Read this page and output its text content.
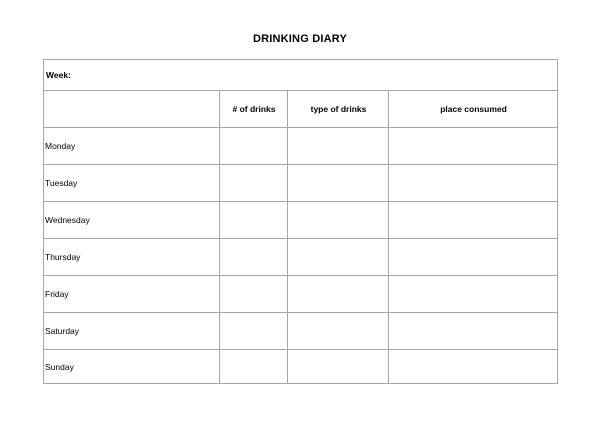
DRINKING DIARY
Week:			
	# of drinks	type of drinks	place consumed
Monday			
Tuesday			
Wednesday			
Thursday			
Friday			
Saturday			
Sunday			
